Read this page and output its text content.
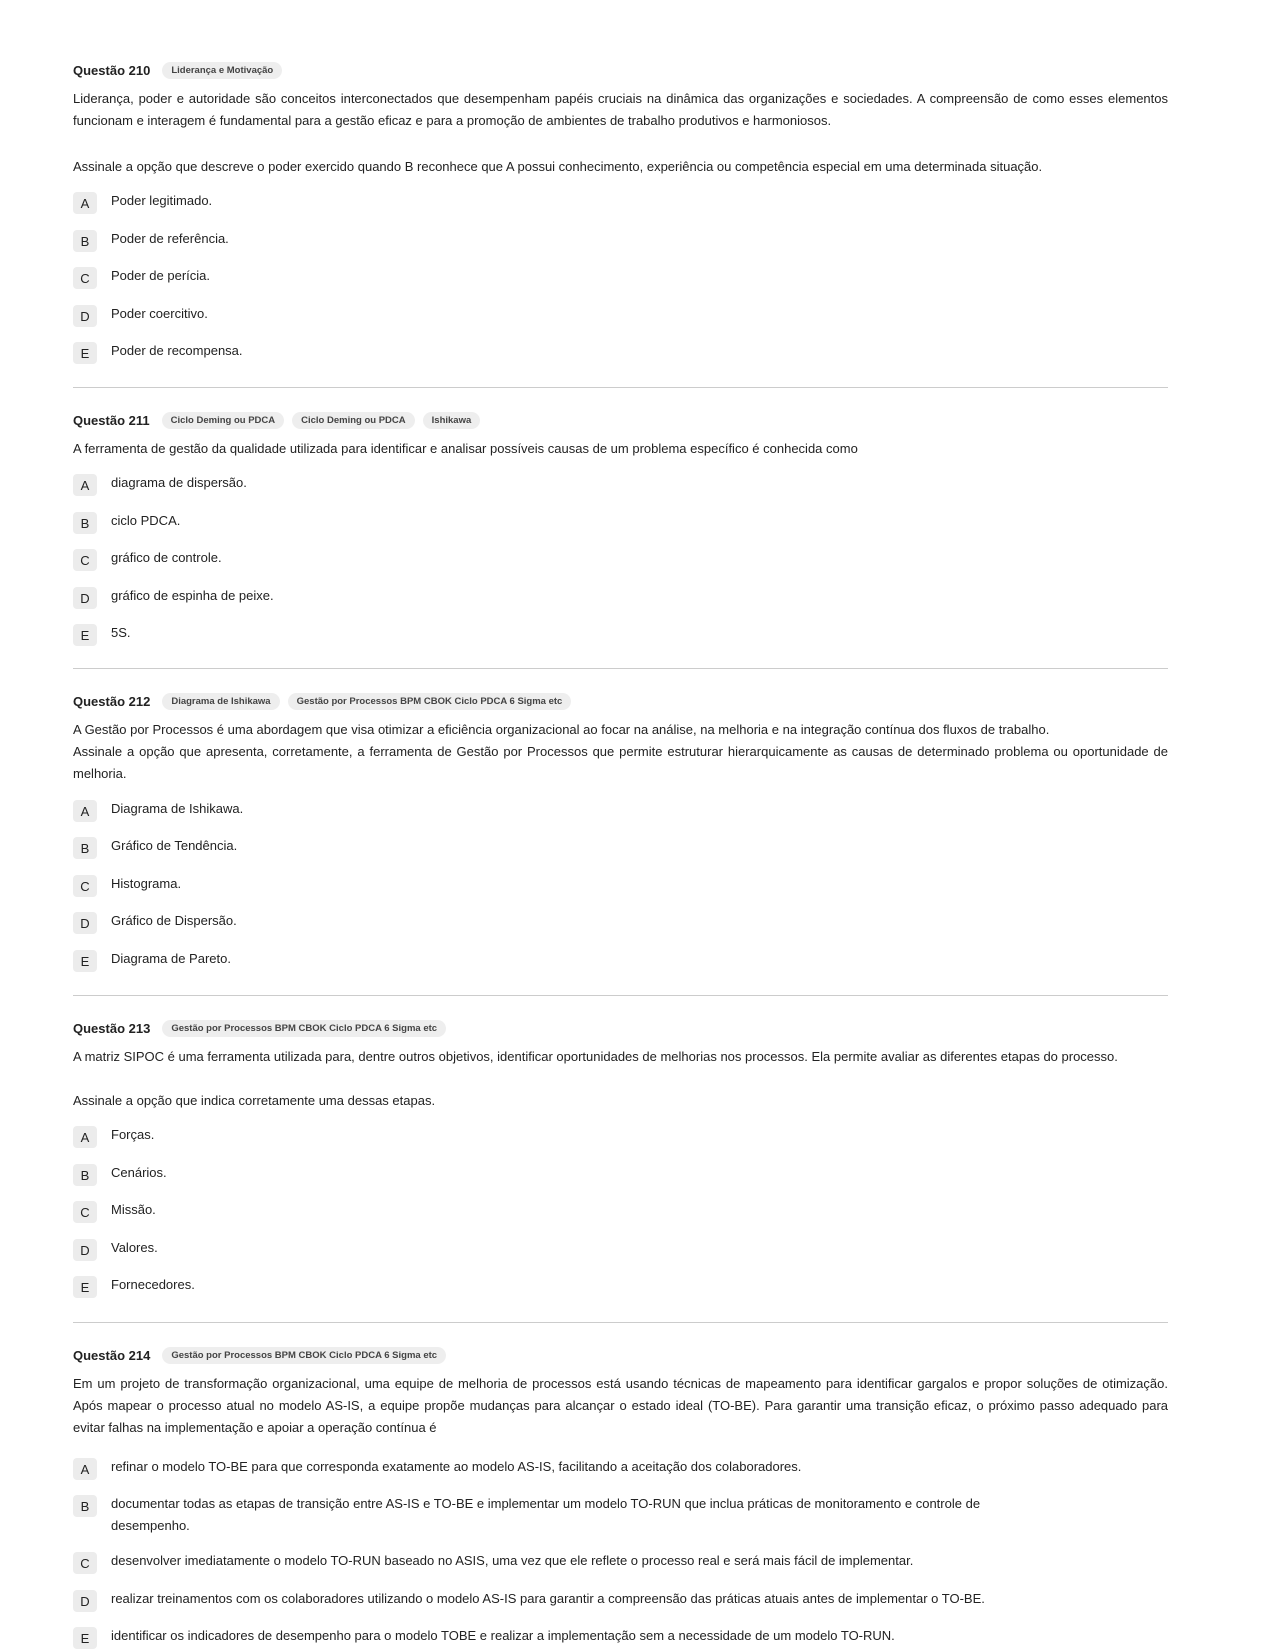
Questão 210	Liderança e Motivação

Liderança, poder e autoridade são conceitos interconectados que desempenham papéis cruciais na dinâmica das organizações e sociedades. A compreensão de como esses elementos funcionam e interagem é fundamental para a gestão eficaz e para a promoção de ambientes de trabalho produtivos e harmoniosos.

Assinale a opção que descreve o poder exercido quando B reconhece que A possui conhecimento, experiência ou competência especial em uma determinada situação.

A	Poder legitimado.
B	Poder de referência.
C	Poder de perícia.
D	Poder coercitivo.
E	Poder de recompensa.
Questão 211	Ciclo Deming ou PDCA	Ciclo Deming ou PDCA	Ishikawa

A ferramenta de gestão da qualidade utilizada para identificar e analisar possíveis causas de um problema específico é conhecida como

A	diagrama de dispersão.
B	ciclo PDCA.
C	gráfico de controle.
D	gráfico de espinha de peixe.
E	5S.
Questão 212	Diagrama de Ishikawa	Gestão por Processos BPM CBOK Ciclo PDCA 6 Sigma etc

A Gestão por Processos é uma abordagem que visa otimizar a eficiência organizacional ao focar na análise, na melhoria e na integração contínua dos fluxos de trabalho.

Assinale a opção que apresenta, corretamente, a ferramenta de Gestão por Processos que permite estruturar hierarquicamente as causas de determinado problema ou oportunidade de melhoria.

A	Diagrama de Ishikawa.
B	Gráfico de Tendência.
C	Histograma.
D	Gráfico de Dispersão.
E	Diagrama de Pareto.
Questão 213	Gestão por Processos BPM CBOK Ciclo PDCA 6 Sigma etc

A matriz SIPOC é uma ferramenta utilizada para, dentre outros objetivos, identificar oportunidades de melhorias nos processos. Ela permite avaliar as diferentes etapas do processo.

Assinale a opção que indica corretamente uma dessas etapas.

A	Forças.
B	Cenários.
C	Missão.
D	Valores.
E	Fornecedores.
Questão 214	Gestão por Processos BPM CBOK Ciclo PDCA 6 Sigma etc

Em um projeto de transformação organizacional, uma equipe de melhoria de processos está usando técnicas de mapeamento para identificar gargalos e propor soluções de otimização. Após mapear o processo atual no modelo AS-IS, a equipe propõe mudanças para alcançar o estado ideal (TO-BE). Para garantir uma transição eficaz, o próximo passo adequado para evitar falhas na implementação e apoiar a operação contínua é

A	refinar o modelo TO-BE para que corresponda exatamente ao modelo AS-IS, facilitando a aceitação dos colaboradores.
B	documentar todas as etapas de transição entre AS-IS e TO-BE e implementar um modelo TO-RUN que inclua práticas de monitoramento e controle de desempenho.
C	desenvolver imediatamente o modelo TO-RUN baseado no ASIS, uma vez que ele reflete o processo real e será mais fácil de implementar.
D	realizar treinamentos com os colaboradores utilizando o modelo AS-IS para garantir a compreensão das práticas atuais antes de implementar o TO-BE.
E	identificar os indicadores de desempenho para o modelo TOBE e realizar a implementação sem a necessidade de um modelo TO-RUN.
